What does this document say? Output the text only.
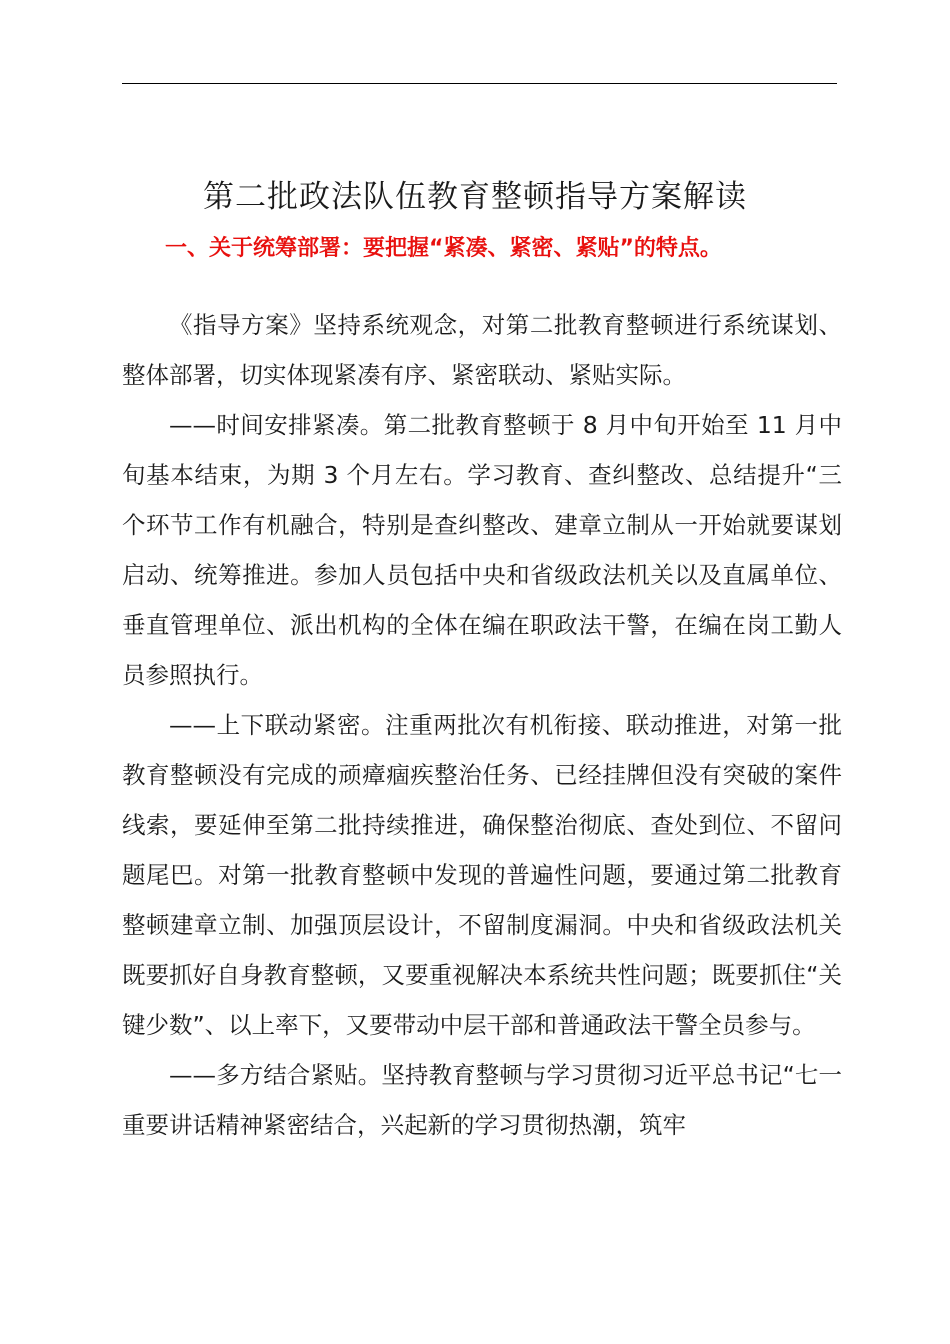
第二批政法队伍教育整顿指导方案解读
一、关于统筹部署：要把握“紧凑、紧密、紧贴”的特点。

《指导方案》坚持系统观念，对第二批教育整顿进行系统谋划、整体部署，切实体现紧凑有序、紧密联动、紧贴实际。

——时间安排紧凑。第二批教育整顿于 8 月中旬开始至 11 月中旬基本结束，为期 3 个月左右。学习教育、查纠整改、总结提升“三个环节工作有机融合，特别是查纠整改、建章立制从一开始就要谋划启动、统筹推进。参加人员包括中央和省级政法机关以及直属单位、垂直管理单位、派出机构的全体在编在职政法干警，在编在岗工勤人员参照执行。

——上下联动紧密。注重两批次有机衔接、联动推进，对第一批教育整顿没有完成的顽瘴痼疾整治任务、已经挂牌但没有突破的案件线索，要延伸至第二批持续推进，确保整治彻底、查处到位、不留问题尾巴。对第一批教育整顿中发现的普遍性问题，要通过第二批教育整顿建章立制、加强顶层设计，不留制度漏洞。中央和省级政法机关既要抓好自身教育整顿，又要重视解决本系统共性问题；既要抓住“关键少数”、以上率下，又要带动中层干部和普通政法干警全员参与。

——多方结合紧贴。坚持教育整顿与学习贯彻习近平总书记“七一重要讲话精神紧密结合，兴起新的学习贯彻热潮，筑牢
